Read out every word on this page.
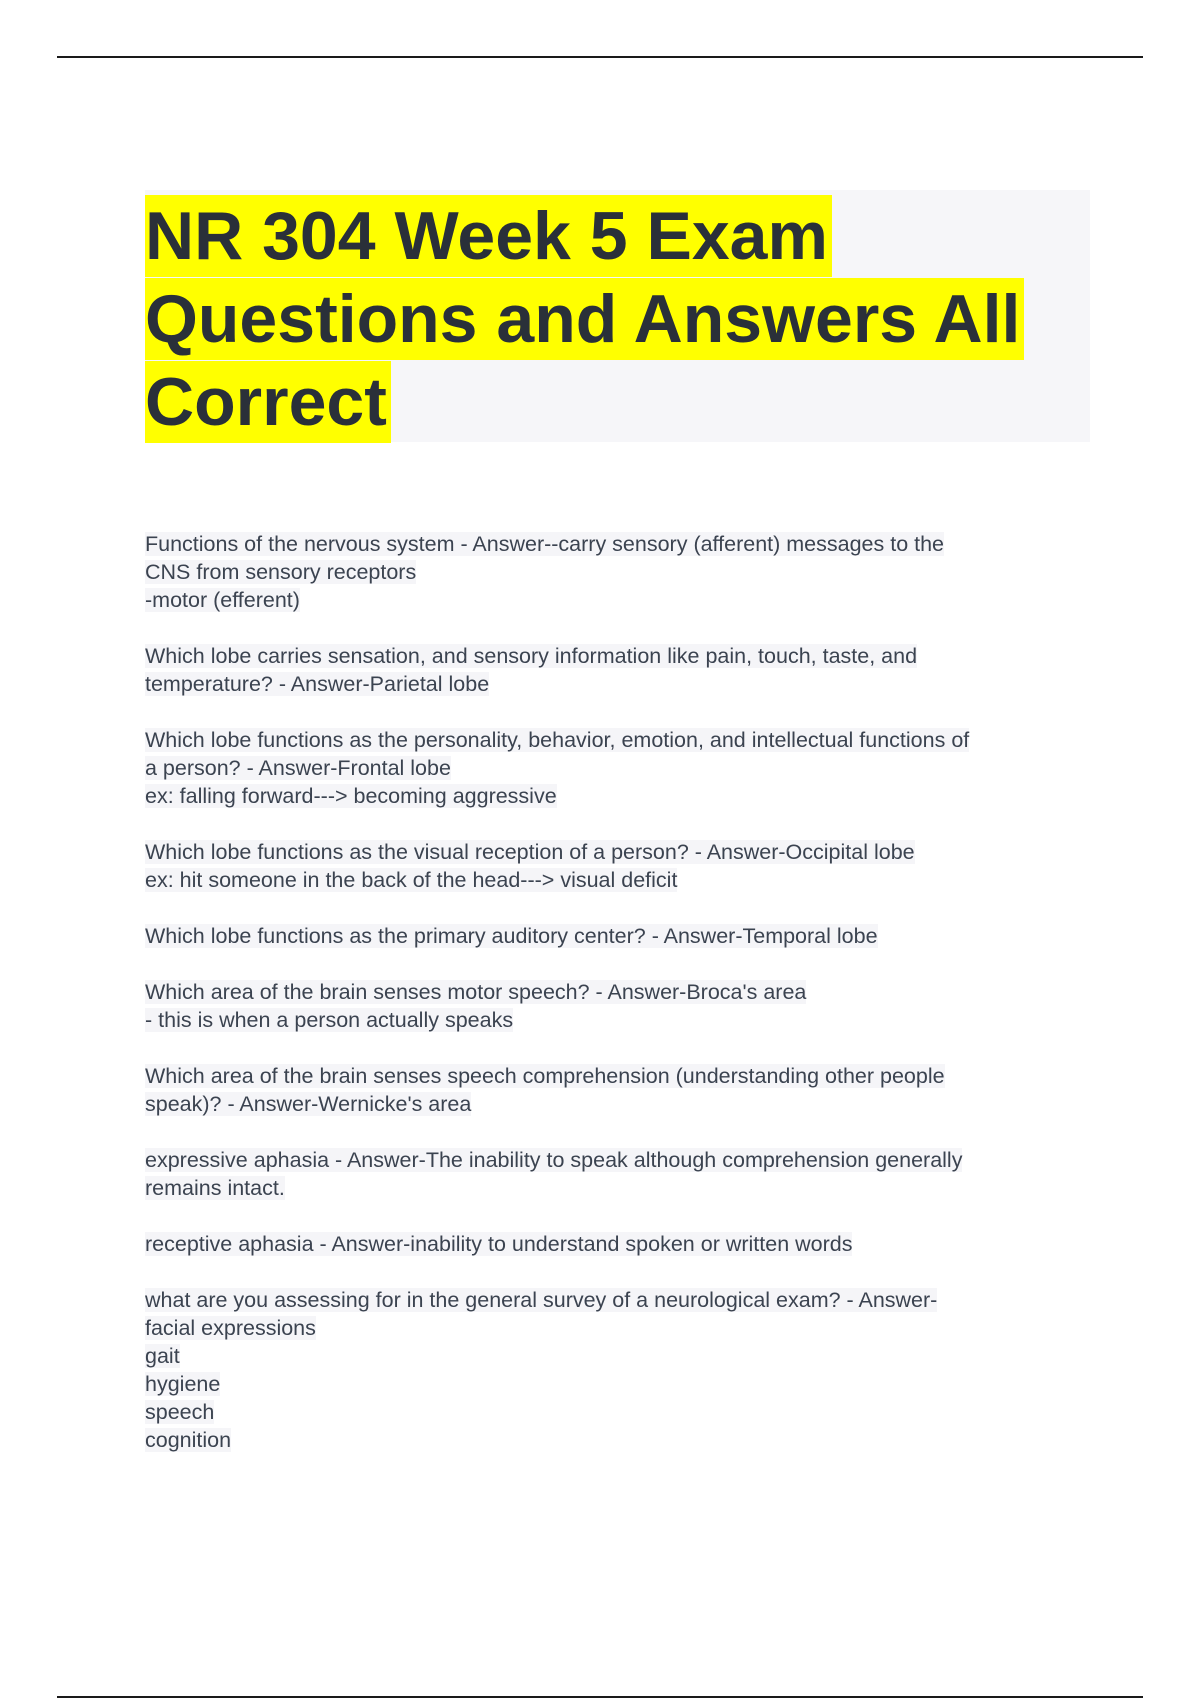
NR 304 Week 5 Exam Questions and Answers All Correct
Functions of the nervous system - Answer--carry sensory (afferent) messages to the
CNS from sensory receptors
-motor (efferent)
Which lobe carries sensation, and sensory information like pain, touch, taste, and
temperature? - Answer-Parietal lobe
Which lobe functions as the personality, behavior, emotion, and intellectual functions of
a person? - Answer-Frontal lobe
ex: falling forward---> becoming aggressive
Which lobe functions as the visual reception of a person? - Answer-Occipital lobe
ex: hit someone in the back of the head---> visual deficit
Which lobe functions as the primary auditory center? - Answer-Temporal lobe
Which area of the brain senses motor speech? - Answer-Broca's area
- this is when a person actually speaks
Which area of the brain senses speech comprehension (understanding other people
speak)? - Answer-Wernicke's area
expressive aphasia - Answer-The inability to speak although comprehension generally
remains intact.
receptive aphasia - Answer-inability to understand spoken or written words
what are you assessing for in the general survey of a neurological exam? - Answer-
facial expressions
gait
hygiene
speech
cognition
